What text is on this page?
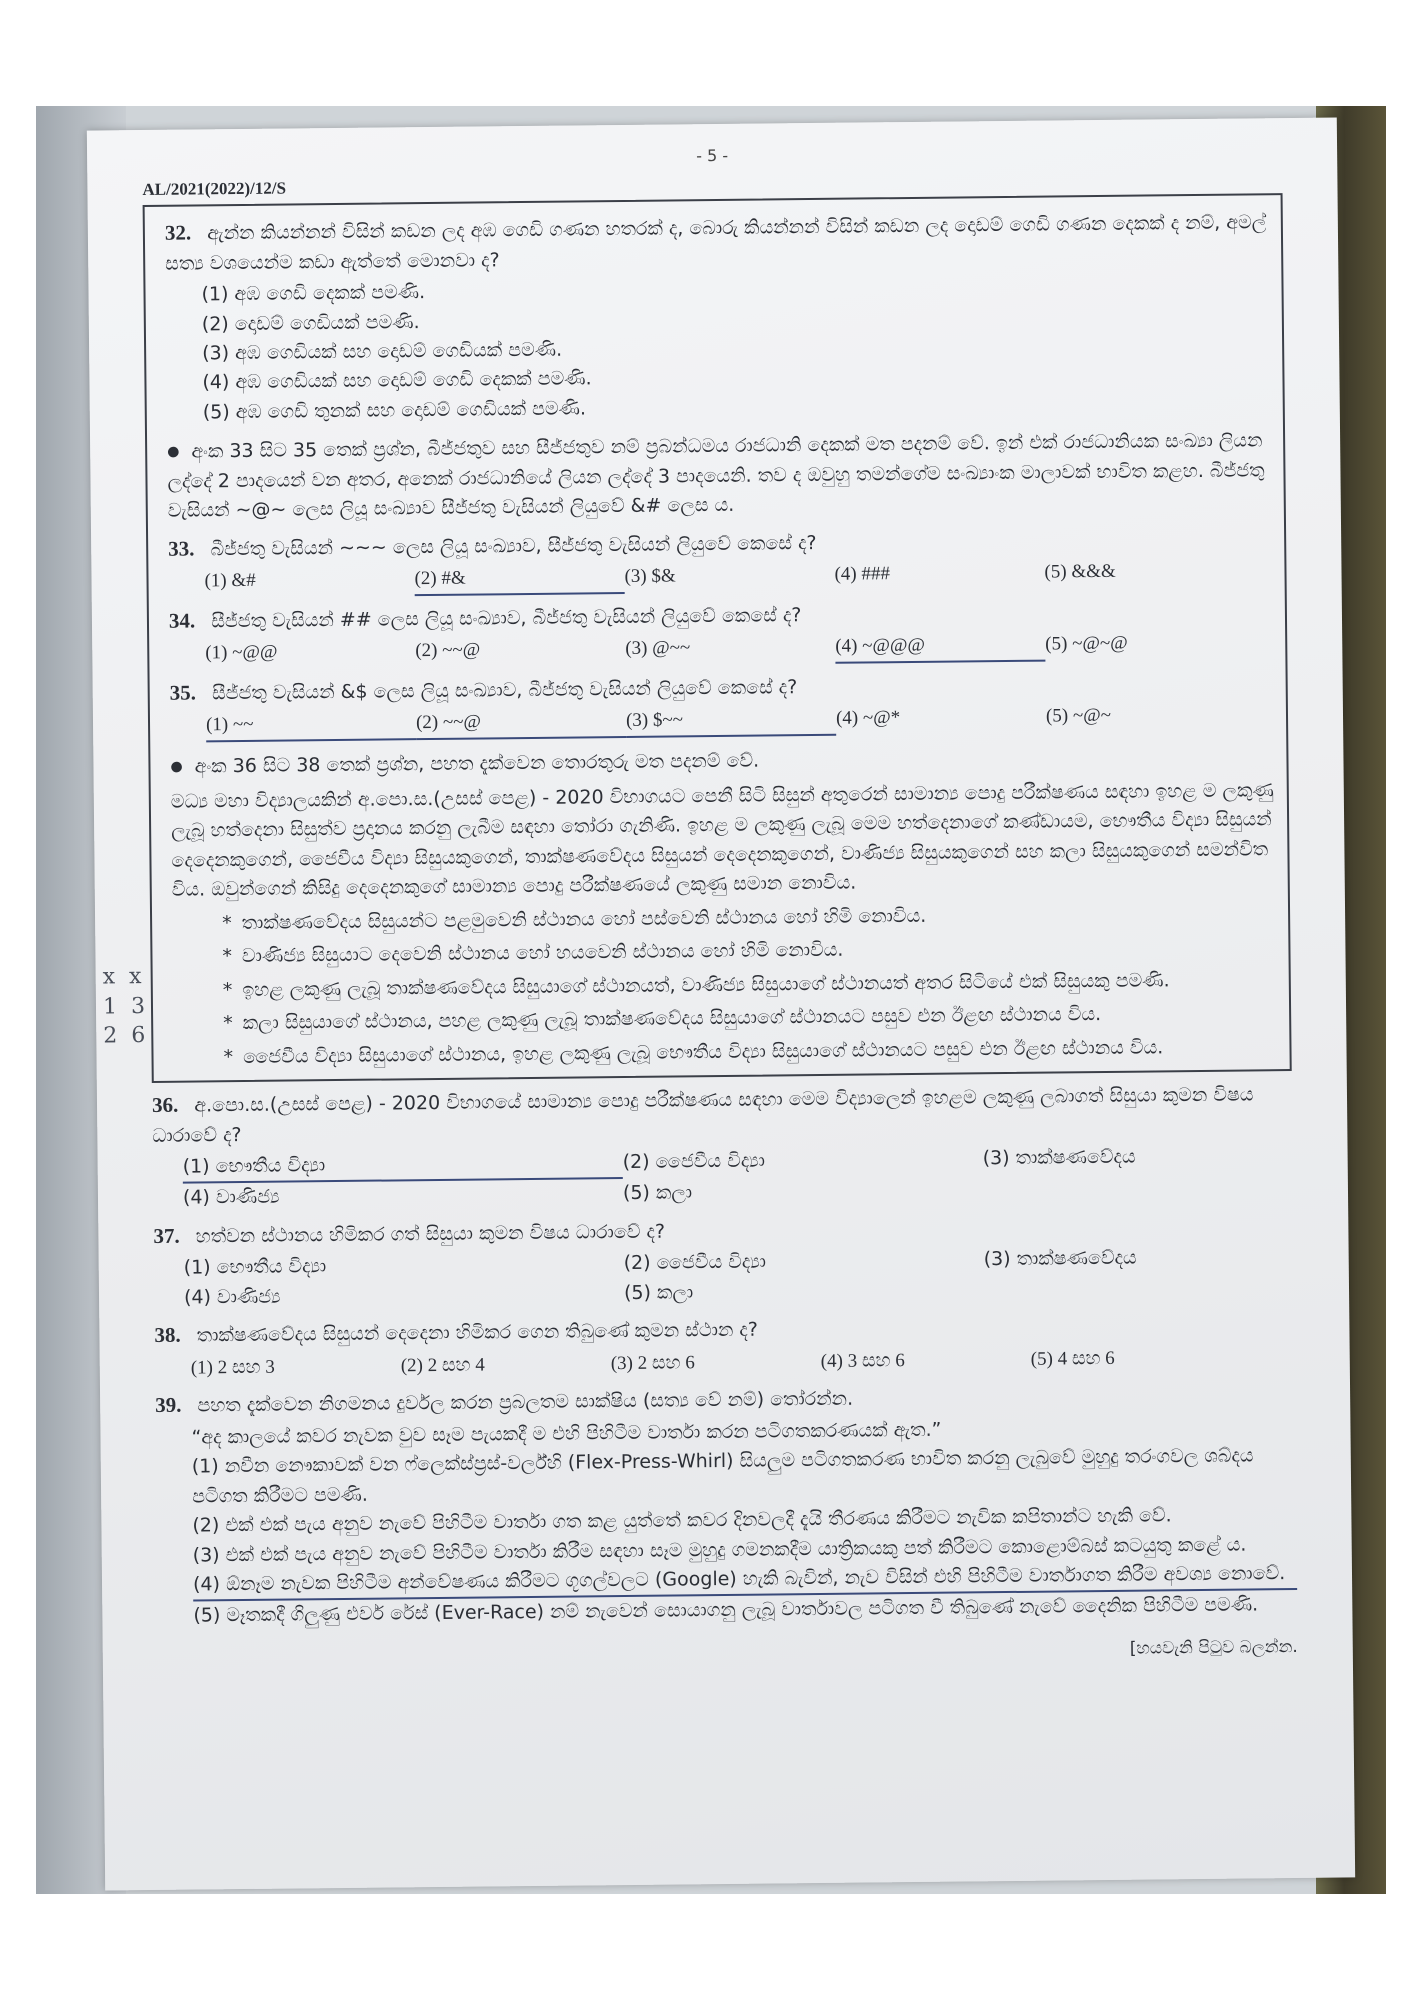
- 5 -
AL/2021(2022)/12/S
32. ඇන්න කියන්නන් විසින් කඩන ලද අඹ ගෙඩි ගණන හතරක් ද, බොරු කියන්නන් විසින් කඩන ලද දොඩම් ගෙඩි ගණන දෙකක් ද නම්, අමල් සත්‍ය වශයෙන්ම කඩා ඇත්තේ මොනවා ද?
(1) අඹ ගෙඩි දෙකක් පමණි.
(2) දොඩම් ගෙඩියක් පමණි.
(3) අඹ ගෙඩියක් සහ දොඩම් ගෙඩියක් පමණි.
(4) අඹ ගෙඩියක් සහ දොඩම් ගෙඩි දෙකක් පමණි.
(5) අඹ ගෙඩි තුනක් සහ දොඩම් ගෙඩියක් පමණි.
● අංක 33 සිට 35 තෙක් ප්‍රශ්න, බීජ්ජතුව සහ සීජ්ජතුව නම් ප්‍රබන්ධමය රාජධානි දෙකක් මත පදනම් වේ. ඉන් එක් රාජධානියක සංඛ්‍යා ලියන ලද්දේ 2 පාදයෙන් වන අතර, අනෙක් රාජධානියේ ලියන ලද්දේ 3 පාදයෙනි. තව ද ඔවුහු තමන්ගේම සංඛ්‍යාංක මාලාවක් භාවිත කළහ. බීජ්ජතු වැසියන් ~@~ ලෙස ලියූ සංඛ්‍යාව සීජ්ජතු වැසියන් ලියුවේ &# ලෙස ය.
33. බීජ්ජතු වැසියන් ~~~ ලෙස ලියූ සංඛ්‍යාව, සීජ්ජතු වැසියන් ලියුවේ කෙසේ ද?
(1) &#	(2) #&	(3) $&	(4) ###	(5) &&&
34. සීජ්ජතු වැසියන් ## ලෙස ලියූ සංඛ්‍යාව, බීජ්ජතු වැසියන් ලියුවේ කෙසේ ද?
(1) ~@@	(2) ~~@	(3) @~~	(4) ~@@@	(5) ~@~@
35. සීජ්ජතු වැසියන් &$ ලෙස ලියූ සංඛ්‍යාව, බීජ්ජතු වැසියන් ලියුවේ කෙසේ ද?
(1) ~~	(2) ~~@	(3) $~~	(4) ~@*	(5) ~@~
● අංක 36 සිට 38 තෙක් ප්‍රශ්න, පහත දැක්වෙන තොරතුරු මත පදනම් වේ.
මධ්‍ය මහා විද්‍යාලයකින් අ.පො.ස.(උසස් පෙළ) - 2020 විභාගයට පෙනී සිටි සිසුන් අතුරෙන් සාමාන්‍ය පොදු පරීක්ෂණය සඳහා ඉහළ ම ලකුණු ලැබූ හත්දෙනා සිසුත්ව ප්‍රදානය කරනු ලැබීම සඳහා තෝරා ගැනිණි. ඉහළ ම ලකුණු ලැබූ මෙම හත්දෙනාගේ කණ්ඩායම, භෞතීය විද්‍යා සිසුයන් දෙදෙනකුගෙන්, ජෛවීය විද්‍යා සිසුයකුගෙන්, තාක්ෂණවේදය සිසුයන් දෙදෙනකුගෙන්, වාණිජ්‍ය සිසුයකුගෙන් සහ කලා සිසුයකුගෙන් සමන්විත විය. ඔවුන්ගෙන් කිසිදු දෙදෙනකුගේ සාමාන්‍ය පොදු පරීක්ෂණයේ ලකුණු සමාන නොවිය.
* තාක්ෂණවේදය සිසුයන්ට පළමුවෙනි ස්ථානය හෝ පස්වෙනි ස්ථානය හෝ හිමි නොවිය.
* වාණිජ්‍ය සිසුයාට දෙවෙනි ස්ථානය හෝ හයවෙනි ස්ථානය හෝ හිමි නොවිය.
* ඉහළ ලකුණු ලැබූ තාක්ෂණවේදය සිසුයාගේ ස්ථානයත්, වාණිජ්‍ය සිසුයාගේ ස්ථානයත් අතර සිටියේ එක් සිසුයකු පමණි.
* කලා සිසුයාගේ ස්ථානය, පහළ ලකුණු ලැබූ තාක්ෂණවේදය සිසුයාගේ ස්ථානයට පසුව එන ඊළඟ ස්ථානය විය.
* ජෛවීය විද්‍යා සිසුයාගේ ස්ථානය, ඉහළ ලකුණු ලැබූ භෞතීය විද්‍යා සිසුයාගේ ස්ථානයට පසුව එන ඊළඟ ස්ථානය විය.
36. අ.පො.ස.(උසස් පෙළ) - 2020 විභාගයේ සාමාන්‍ය පොදු පරීක්ෂණය සඳහා මෙම විද්‍යාලෙන් ඉහළම ලකුණු ලබාගත් සිසුයා කුමන විෂය ධාරාවේ ද?
(1) භෞතීය විද්‍යා	(2) ජෛවීය විද්‍යා	(3) තාක්ෂණවේදය
(4) වාණිජ්‍ය	(5) කලා
37. හත්වන ස්ථානය හිමිකර ගත් සිසුයා කුමන විෂය ධාරාවේ ද?
(1) භෞතීය විද්‍යා	(2) ජෛවීය විද්‍යා	(3) තාක්ෂණවේදය
(4) වාණිජ්‍ය	(5) කලා
38. තාක්ෂණවේදය සිසුයන් දෙදෙනා හිමිකර ගෙන තිබුණේ කුමන ස්ථාන ද?
(1) 2 සහ 3	(2) 2 සහ 4	(3) 2 සහ 6	(4) 3 සහ 6	(5) 4 සහ 6
39. පහත දැක්වෙන නිගමනය දුර්වල කරන ප්‍රබලතම සාක්ෂිය (සත්‍ය වේ නම්) තෝරන්න.
“අද කාලයේ කවර නැවක වුව සෑම පැයකදී ම එහි පිහිටීම වාර්තා කරන පටිගතකරණයක් ඇත.”
(1) නවීන නෞකාවක් වන ෆ්ලෙක්ස්ප්‍රස්-වර්ල්හි (Flex-Press-Whirl) සියලුම පටිගතකරණ භාවිත කරනු ලැබුවේ මුහුදු තරංගවල ශබ්දය පටිගත කිරීමට පමණි.
(2) එක් එක් පැය අනුව නැවේ පිහිටීම වාර්තා ගත කළ යුත්තේ කවර දිනවලදී දැයි තීරණය කිරීමට නැවික කපිතාන්ට හැකි වේ.
(3) එක් එක් පැය අනුව නැවේ පිහිටීම වාර්තා කිරීම සඳහා සෑම මුහුදු ගමනකදීම යාත්‍රිකයකු පත් කිරීමට කොළොම්බස් කටයුතු කළේ ය.
(4) ඕනෑම නැවක පිහිටීම අන්වේෂණය කිරීමට ගූගල්වලට (Google) හැකි බැවින්, නැව විසින් එහි පිහිටීම වාර්තාගත කිරීම අවශ්‍ය නොවේ.
(5) මෑතකදී ගිලුණු එවර් රේස් (Ever-Race) නම් නැවෙන් සොයාගනු ලැබූ වාර්තාවල පටිගත වී තිබුණේ නැවේ දෛනික පිහිටීම පමණි.
[හයවැනි පිටුව බලන්න.
x x
1 3
2 6
